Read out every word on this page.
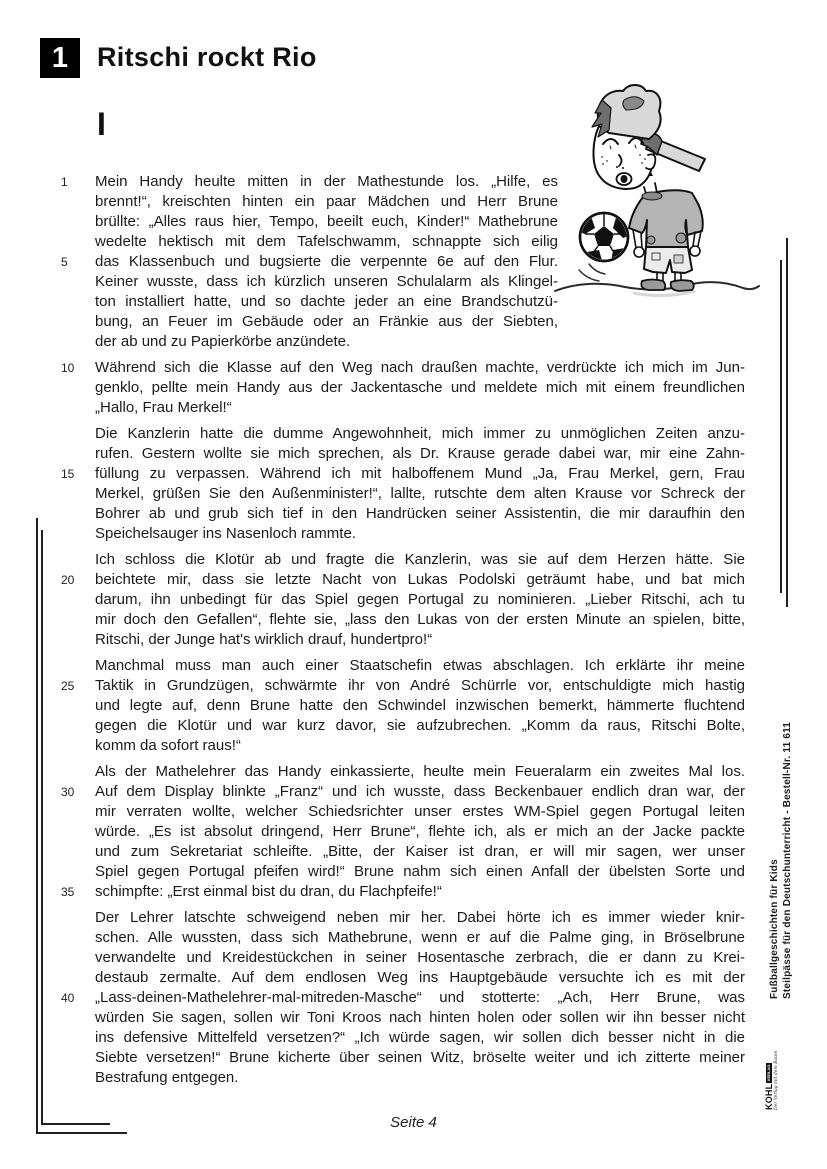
1	Ritschi rockt Rio
I
1	Mein Handy heulte mitten in der Mathestunde los. „Hilfe, es
brennt!“, kreischten hinten ein paar Mädchen und Herr Brune
brüllte: „Alles raus hier, Tempo, beeilt euch, Kinder!“ Mathebrune
wedelte hektisch mit dem Tafelschwamm, schnappte sich eilig
5	das Klassenbuch und bugsierte die verpennte 6e auf den Flur.
Keiner wusste, dass ich kürzlich unseren Schulalarm als Klingel-
ton installiert hatte, und so dachte jeder an eine Brandschutzü-
bung, an Feuer im Gebäude oder an Fränkie aus der Siebten,
der ab und zu Papierkörbe anzündete.
10	Während sich die Klasse auf den Weg nach draußen machte, verdrückte ich mich im Jun-
genklo, pellte mein Handy aus der Jackentasche und meldete mich mit einem freundlichen
„Hallo, Frau Merkel!“
Die Kanzlerin hatte die dumme Angewohnheit, mich immer zu unmöglichen Zeiten anzu-
rufen. Gestern wollte sie mich sprechen, als Dr. Krause gerade dabei war, mir eine Zahn-
15	füllung zu verpassen. Während ich mit halboffenem Mund „Ja, Frau Merkel, gern, Frau
Merkel, grüßen Sie den Außenminister!“, lallte, rutschte dem alten Krause vor Schreck der
Bohrer ab und grub sich tief in den Handrücken seiner Assistentin, die mir daraufhin den
Speichelsauger ins Nasenloch rammte.
Ich schloss die Klotür ab und fragte die Kanzlerin, was sie auf dem Herzen hätte. Sie
20	beichtete mir, dass sie letzte Nacht von Lukas Podolski geträumt habe, und bat mich
darum, ihn unbedingt für das Spiel gegen Portugal zu nominieren. „Lieber Ritschi, ach tu
mir doch den Gefallen“, flehte sie, „lass den Lukas von der ersten Minute an spielen, bitte,
Ritschi, der Junge hat's wirklich drauf, hundertpro!“
Manchmal muss man auch einer Staatschefin etwas abschlagen. Ich erklärte ihr meine
25	Taktik in Grundzügen, schwärmte ihr von André Schürrle vor, entschuldigte mich hastig
und legte auf, denn Brune hatte den Schwindel inzwischen bemerkt, hämmerte fluchtend
gegen die Klotür und war kurz davor, sie aufzubrechen. „Komm da raus, Ritschi Bolte,
komm da sofort raus!“
Als der Mathelehrer das Handy einkassierte, heulte mein Feueralarm ein zweites Mal los.
30	Auf dem Display blinkte „Franz“ und ich wusste, dass Beckenbauer endlich dran war, der
mir verraten wollte, welcher Schiedsrichter unser erstes WM-Spiel gegen Portugal leiten
würde. „Es ist absolut dringend, Herr Brune“, flehte ich, als er mich an der Jacke packte
und zum Sekretariat schleifte. „Bitte, der Kaiser ist dran, er will mir sagen, wer unser
Spiel gegen Portugal pfeifen wird!“ Brune nahm sich einen Anfall der übelsten Sorte und
35	schimpfte: „Erst einmal bist du dran, du Flachpfeife!“
Der Lehrer latschte schweigend neben mir her. Dabei hörte ich es immer wieder knir-
schen. Alle wussten, dass sich Mathebrune, wenn er auf die Palme ging, in Bröselbrune
verwandelte und Kreidestückchen in seiner Hosentasche zerbrach, die er dann zu Krei-
destaub zermalte. Auf dem endlosen Weg ins Hauptgebäude versuchte ich es mit der
40	„Lass-deinen-Mathelehrer-mal-mitreden-Masche“ und stotterte: „Ach, Herr Brune, was
würden Sie sagen, sollen wir Toni Kroos nach hinten holen oder sollen wir ihn besser nicht
ins defensive Mittelfeld versetzen?“ „Ich würde sagen, wir sollen dich besser nicht in die
Siebte versetzen!“ Brune kicherte über seinen Witz, bröselte weiter und ich zitterte meiner
Bestrafung entgegen.
Fußballgeschichten für Kids Steilpässe für den Deutschunterricht - Bestell-Nr. 11 611
KOHL
VERLAG Der Verlag mit dem Baum
Seite 4
